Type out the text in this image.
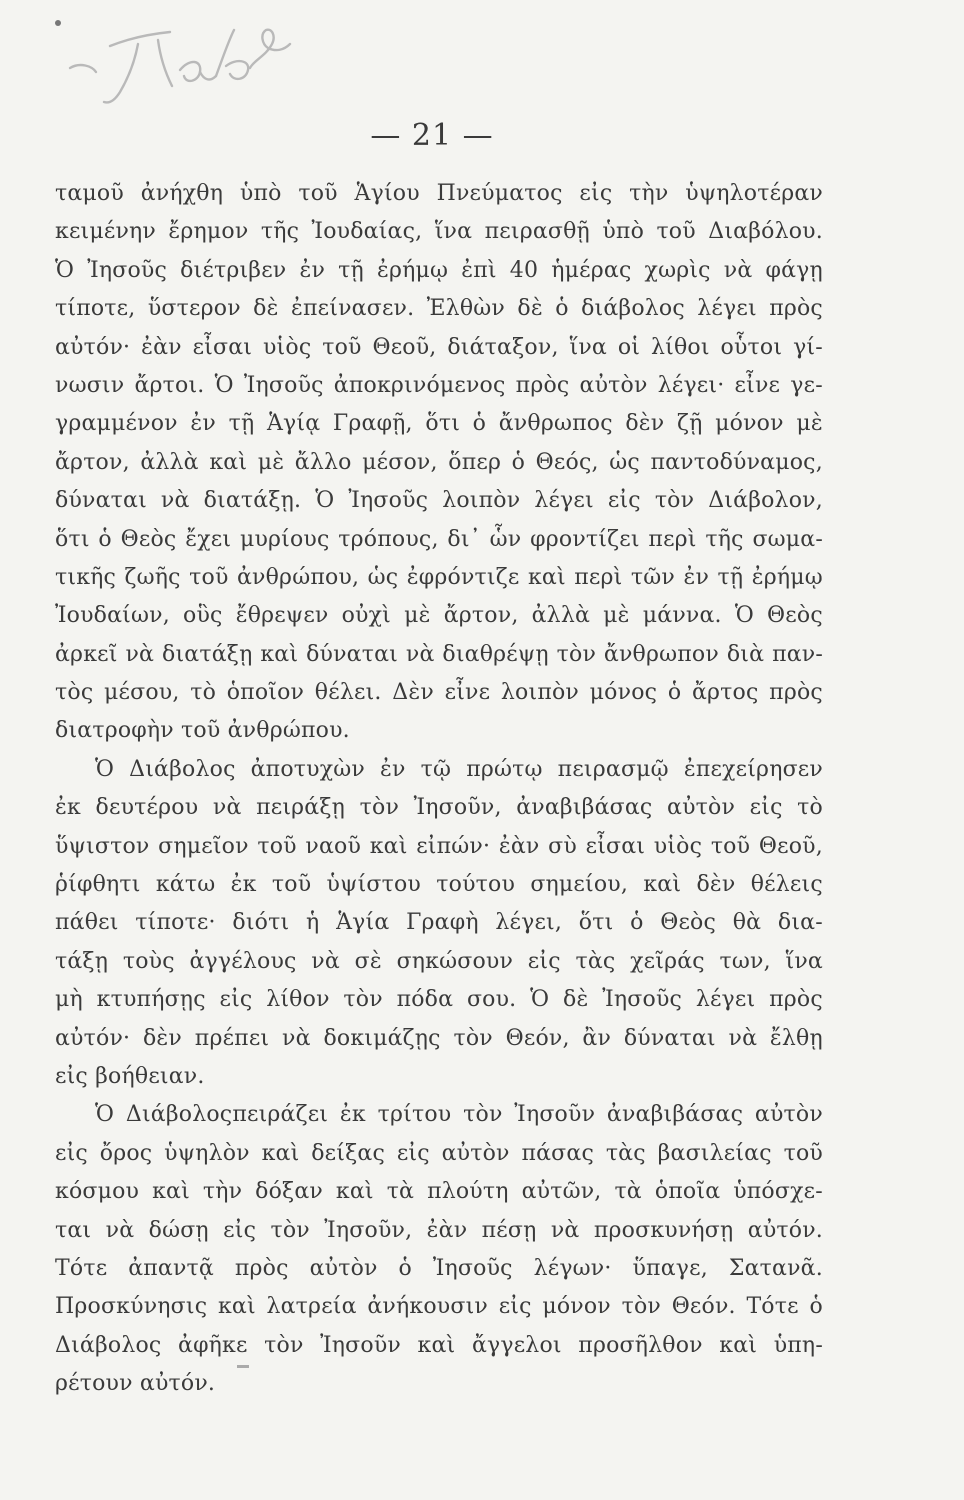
— 21 —
ταμοῦ ἀνήχθη ὑπὸ τοῦ Ἁγίου Πνεύματος εἰς τὴν ὑψηλοτέραν
κειμένην ἔρημον τῆς Ἰουδαίας, ἵνα πειρασθῇ ὑπὸ τοῦ Διαβόλου.
Ὁ Ἰησοῦς διέτριβεν ἐν τῇ ἐρήμῳ ἐπὶ 40 ἡμέρας χωρὶς νὰ φάγῃ
τίποτε, ὕστερον δὲ ἐπείνασεν. Ἐλθὼν δὲ ὁ διάβολος λέγει πρὸς
αὐτόν· ἐὰν εἶσαι υἱὸς τοῦ Θεοῦ, διάταξον, ἵνα οἱ λίθοι οὗτοι γί-
νωσιν ἄρτοι. Ὁ Ἰησοῦς ἀποκρινόμενος πρὸς αὐτὸν λέγει· εἶνε γε-
γραμμένον ἐν τῇ Ἁγίᾳ Γραφῇ, ὅτι ὁ ἄνθρωπος δὲν ζῇ μόνον μὲ
ἄρτον, ἀλλὰ καὶ μὲ ἄλλο μέσον, ὅπερ ὁ Θεός, ὡς παντοδύναμος,
δύναται νὰ διατάξῃ. Ὁ Ἰησοῦς λοιπὸν λέγει εἰς τὸν Διάβολον,
ὅτι ὁ Θεὸς ἔχει μυρίους τρόπους, δι᾽ ὧν φροντίζει περὶ τῆς σωμα-
τικῆς ζωῆς τοῦ ἀνθρώπου, ὡς ἐφρόντιζε καὶ περὶ τῶν ἐν τῇ ἐρήμῳ
Ἰουδαίων, οὓς ἔθρεψεν οὐχὶ μὲ ἄρτον, ἀλλὰ μὲ μάννα. Ὁ Θεὸς
ἀρκεῖ νὰ διατάξῃ καὶ δύναται νὰ διαθρέψῃ τὸν ἄνθρωπον διὰ παν-
τὸς μέσου, τὸ ὁποῖον θέλει. Δὲν εἶνε λοιπὸν μόνος ὁ ἄρτος πρὸς
διατροφὴν τοῦ ἀνθρώπου.
Ὁ Διάβολος ἀποτυχὼν ἐν τῷ πρώτῳ πειρασμῷ ἐπεχείρησεν
ἐκ δευτέρου νὰ πειράξῃ τὸν Ἰησοῦν, ἀναβιβάσας αὐτὸν εἰς τὸ
ὕψιστον σημεῖον τοῦ ναοῦ καὶ εἰπών· ἐὰν σὺ εἶσαι υἱὸς τοῦ Θεοῦ,
ῥίφθητι κάτω ἐκ τοῦ ὑψίστου τούτου σημείου, καὶ δὲν θέλεις
πάθει τίποτε· διότι ἡ Ἁγία Γραφὴ λέγει, ὅτι ὁ Θεὸς θὰ δια-
τάξῃ τοὺς ἀγγέλους νὰ σὲ σηκώσουν εἰς τὰς χεῖράς των, ἵνα
μὴ κτυπήσῃς εἰς λίθον τὸν πόδα σου. Ὁ δὲ Ἰησοῦς λέγει πρὸς
αὐτόν· δὲν πρέπει νὰ δοκιμάζῃς τὸν Θεόν, ἂν δύναται νὰ ἔλθῃ
εἰς βοήθειαν.
Ὁ Διάβολοςπειράζει ἐκ τρίτου τὸν Ἰησοῦν ἀναβιβάσας αὐτὸν
εἰς ὄρος ὑψηλὸν καὶ δείξας εἰς αὐτὸν πάσας τὰς βασιλείας τοῦ
κόσμου καὶ τὴν δόξαν καὶ τὰ πλούτη αὐτῶν, τὰ ὁποῖα ὑπόσχε-
ται νὰ δώσῃ εἰς τὸν Ἰησοῦν, ἐὰν πέσῃ νὰ προσκυνήσῃ αὐτόν.
Τότε ἀπαντᾷ πρὸς αὐτὸν ὁ Ἰησοῦς λέγων· ὕπαγε, Σατανᾶ.
Προσκύνησις καὶ λατρεία ἀνήκουσιν εἰς μόνον τὸν Θεόν. Τότε ὁ
Διάβολος ἀφῆκε τὸν Ἰησοῦν καὶ ἄγγελοι προσῆλθον καὶ ὑπη-
ρέτουν αὐτόν.
